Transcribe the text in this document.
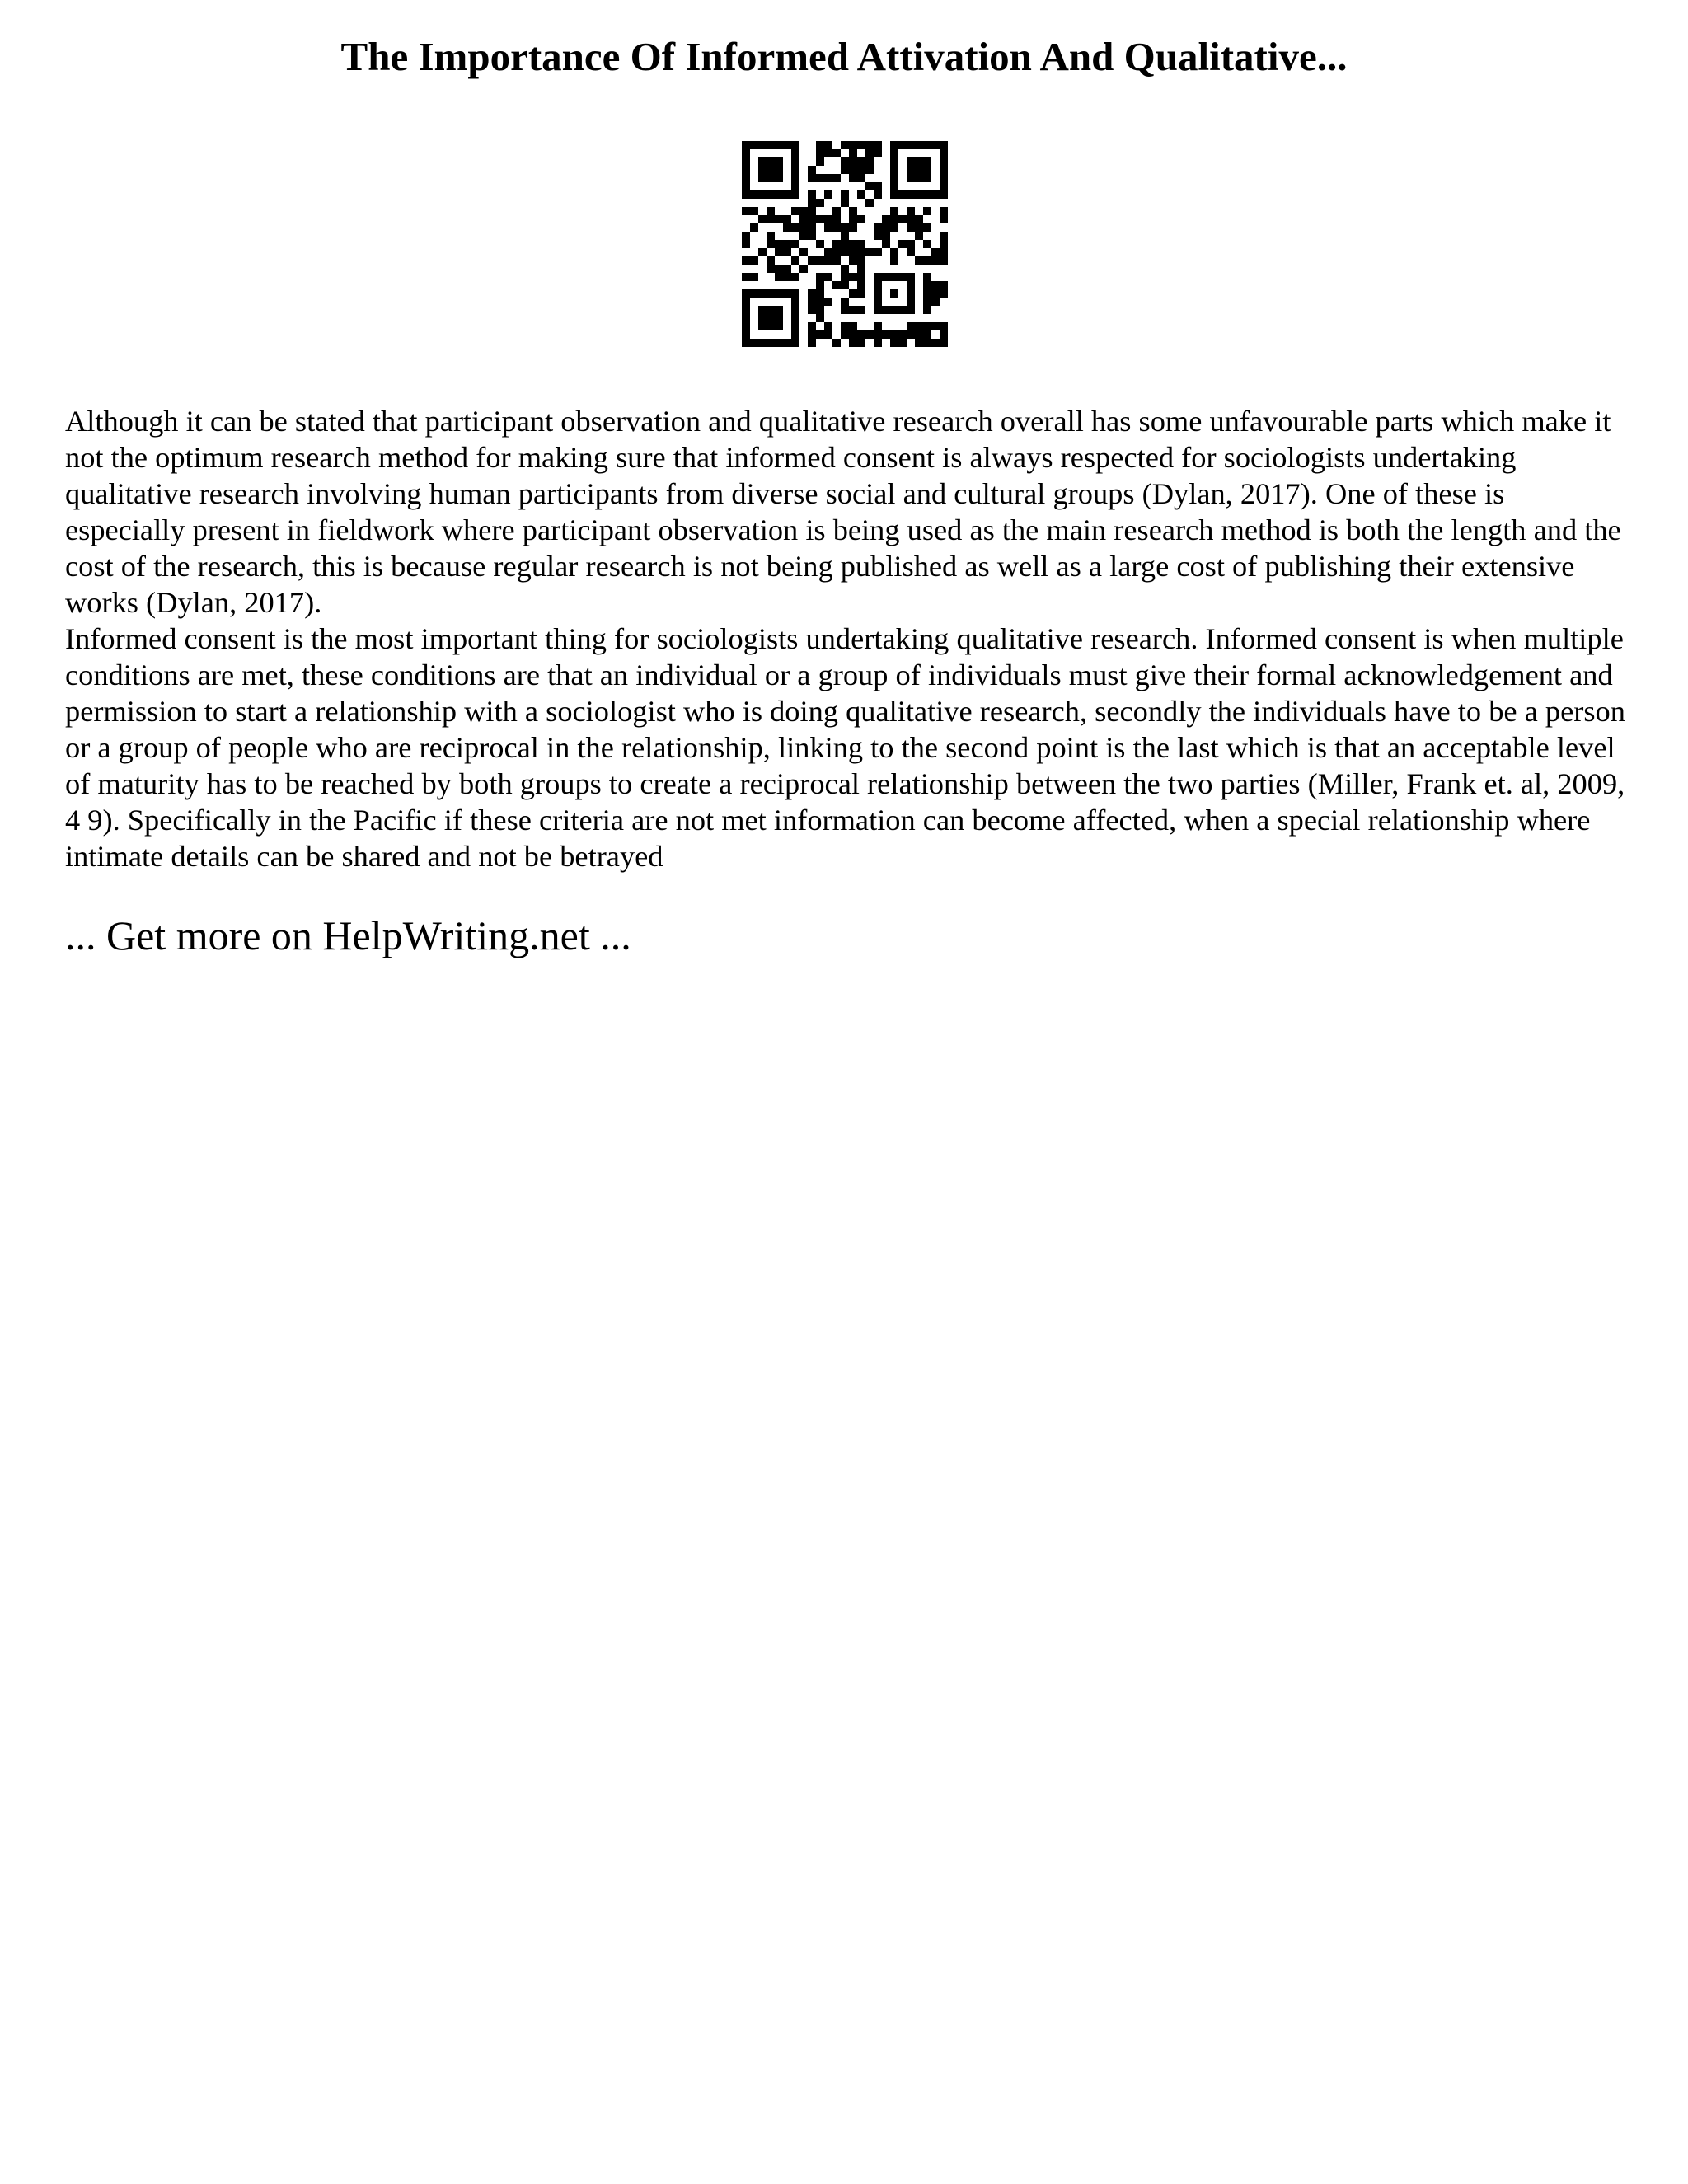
The Importance Of Informed Attivation And Qualitative...

Although it can be stated that participant observation and qualitative research overall has some unfavourable parts which make it not the optimum research method for making sure that informed consent is always respected for sociologists undertaking qualitative research involving human participants from diverse social and cultural groups (Dylan, 2017). One of these is especially present in fieldwork where participant observation is being used as the main research method is both the length and the cost of the research, this is because regular research is not being published as well as a large cost of publishing their extensive works (Dylan, 2017).

Informed consent is the most important thing for sociologists undertaking qualitative research. Informed consent is when multiple conditions are met, these conditions are that an individual or a group of individuals must give their formal acknowledgement and permission to start a relationship with a sociologist who is doing qualitative research, secondly the individuals have to be a person or a group of people who are reciprocal in the relationship, linking to the second point is the last which is that an acceptable level of maturity has to be reached by both groups to create a reciprocal relationship between the two parties (Miller, Frank et. al, 2009, 4 9). Specifically in the Pacific if these criteria are not met information can become affected, when a special relationship where intimate details can be shared and not be betrayed

... Get more on HelpWriting.net ...
